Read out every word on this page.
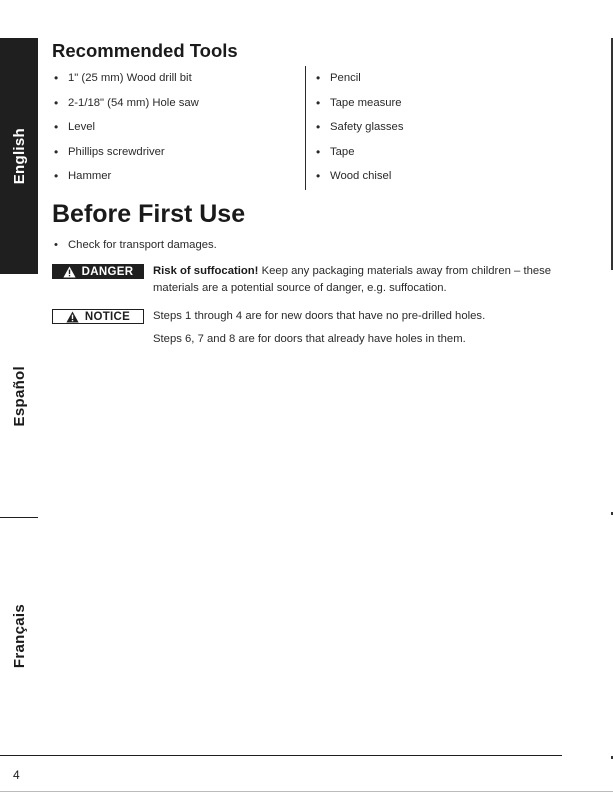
English
Español
Français
Recommended Tools
• 1" (25 mm) Wood drill bit
• 2-1/18" (54 mm) Hole saw
• Level
• Phillips screwdriver
• Hammer
• Pencil
• Tape measure
• Safety glasses
• Tape
• Wood chisel
Before First Use
• Check for transport damages.
DANGER Risk of suffocation! Keep any packaging materials away from children – these materials are a potential source of danger, e.g. suffocation.
NOTICE Steps 1 through 4 are for new doors that have no pre-drilled holes.
Steps 6, 7 and 8 are for doors that already have holes in them.
4
